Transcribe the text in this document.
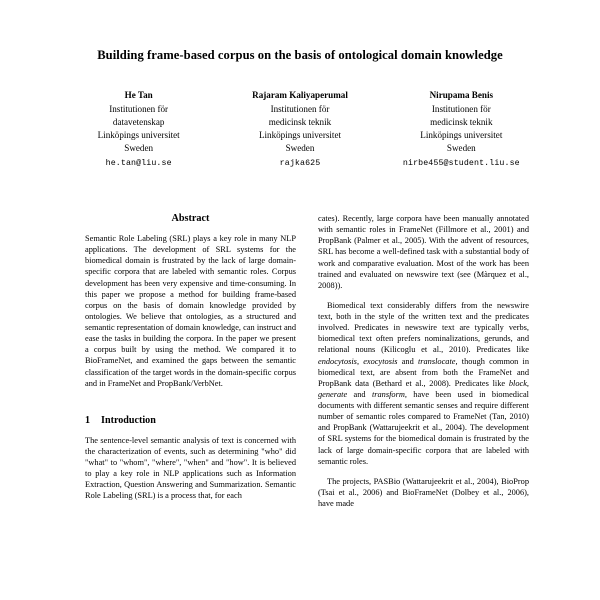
Building frame-based corpus on the basis of ontological domain knowledge
He Tan
Institutionen för
datavetenskap
Linköpings universitet
Sweden
he.tan@liu.se
Rajaram Kaliyaperumal
Institutionen för
medicinsk teknik
Linköpings universitet
Sweden
rajka625
Nirupama Benis
Institutionen för
medicinsk teknik
Linköpings universitet
Sweden
nirbe455@student.liu.se
Abstract

Semantic Role Labeling (SRL) plays a key role in many NLP applications. The development of SRL systems for the biomedical domain is frustrated by the lack of large domain-specific corpora that are labeled with semantic roles. Corpus development has been very expensive and time-consuming. In this paper we propose a method for building frame-based corpus on the basis of domain knowledge provided by ontologies. We believe that ontologies, as a structured and semantic representation of domain knowledge, can instruct and ease the tasks in building the corpora. In the paper we present a corpus built by using the method. We compared it to BioFrameNet, and examined the gaps between the semantic classification of the target words in the domain-specific corpus and in FrameNet and PropBank/VerbNet.

1 Introduction

The sentence-level semantic analysis of text is concerned with the characterization of events, such as determining "who" did "what" to "whom", "where", "when" and "how". It is believed to play a key role in NLP applications such as Information Extraction, Question Answering and Summarization. Semantic Role Labeling (SRL) is a process that, for each

cates). Recently, large corpora have been manually annotated with semantic roles in FrameNet (Fillmore et al., 2001) and PropBank (Palmer et al., 2005). With the advent of resources, SRL has become a well-defined task with a substantial body of work and comparative evaluation. Most of the work has been trained and evaluated on newswire text (see (Màrquez et al., 2008)).

Biomedical text considerably differs from the newswire text, both in the style of the written text and the predicates involved. Predicates in newswire text are typically verbs, biomedical text often prefers nominalizations, gerunds, and relational nouns (Kilicoglu et al., 2010). Predicates like endocytosis, exocytosis and translocate, though common in biomedical text, are absent from both the FrameNet and PropBank data (Bethard et al., 2008). Predicates like block, generate and transform, have been used in biomedical documents with different semantic senses and require different number of semantic roles compared to FrameNet (Tan, 2010) and PropBank (Wattarujeekrit et al., 2004). The development of SRL systems for the biomedical domain is frustrated by the lack of large domain-specific corpora that are labeled with semantic roles.

The projects, PASBio (Wattarujeekrit et al., 2004), BioProp (Tsai et al., 2006) and BioFrameNet (Dolbey et al., 2006), have made
